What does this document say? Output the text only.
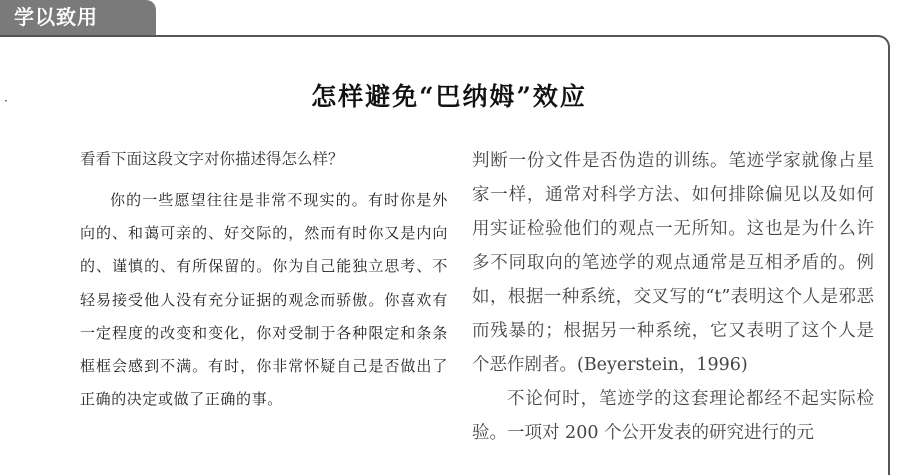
学以致用
·	怎样避免“巴纳姆”效应

看看下面这段文字对你描述得怎么样？

你的一些愿望往往是非常不现实的。有时你是外向的、和蔼可亲的、好交际的，然而有时你又是内向的、谨慎的、有所保留的。你为自己能独立思考、不轻易接受他人没有充分证据的观念而骄傲。你喜欢有一定程度的改变和变化，你对受制于各种限定和条条框框会感到不满。有时，你非常怀疑自己是否做出了正确的决定或做了正确的事。

判断一份文件是否伪造的训练。笔迹学家就像占星家一样，通常对科学方法、如何排除偏见以及如何用实证检验他们的观点一无所知。这也是为什么许多不同取向的笔迹学的观点通常是互相矛盾的。例如，根据一种系统，交叉写的“t”表明这个人是邪恶而残暴的；根据另一种系统，它又表明了这个人是个恶作剧者。(Beyerstein，1996)

不论何时，笔迹学的这套理论都经不起实际检验。一项对 200 个公开发表的研究进行的元
